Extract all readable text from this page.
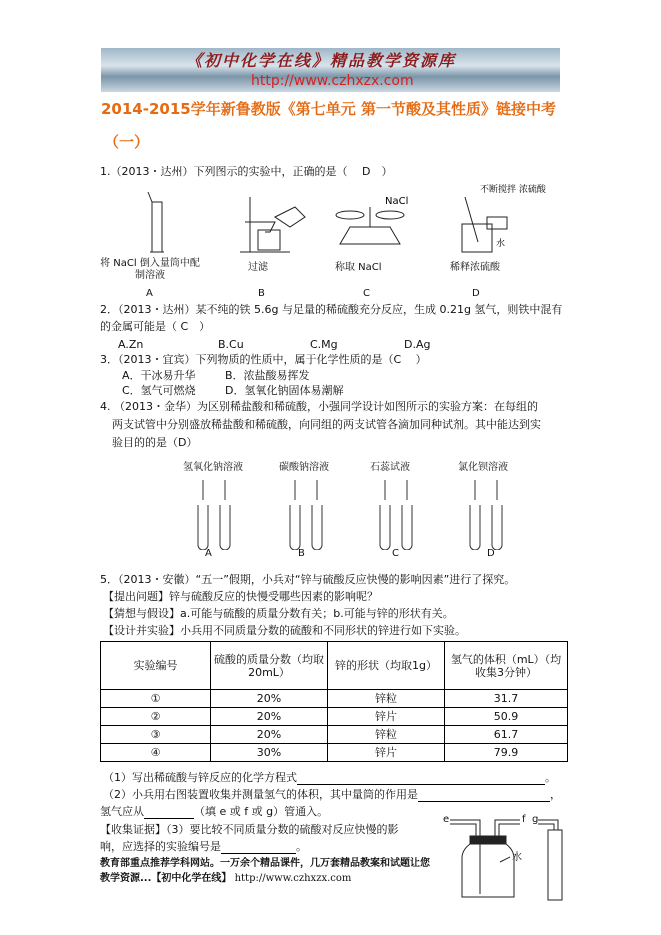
《初中化学在线》精品教学资源库
http://www.czhxzx.com
2014-2015学年新鲁教版《第七单元 第一节酸及其性质》链接中考
（一）
1.（2013・达州）下列图示的实验中，正确的是（　 D　）
NaCl
不断搅拌 浓硫酸
水
将 NaCl 倒入量筒中配制溶液
过滤	称取 NaCl	稀释浓硫酸
A	B	C	D
2．（2013・达州）某不纯的铁 5.6g 与足量的稀硫酸充分反应，生成 0.21g 氢气，则铁中混有
的金属可能是（ C　）
A.Zn	B.Cu	C.Mg	D.Ag
3．（2013・宜宾）下列物质的性质中，属于化学性质的是（C　 ）
A．干冰易升华	B．浓盐酸易挥发
C．氢气可燃烧	D．氢氧化钠固体易潮解
4. （2013・金华）为区别稀盐酸和稀硫酸，小强同学设计如图所示的实验方案：在每组的
两支试管中分别盛放稀盐酸和稀硫酸，向同组的两支试管各滴加同种试剂。其中能达到实
验目的的是（D）
氢氧化钠溶液	碳酸钠溶液	石蕊试液	氯化钡溶液
A	B	C	D
5．（2013・安徽）“五一”假期，小兵对“锌与硫酸反应快慢的影响因素”进行了探究。
【提出问题】锌与硫酸反应的快慢受哪些因素的影响呢？
【猜想与假设】a.可能与硫酸的质量分数有关；b.可能与锌的形状有关。
【设计并实验】小兵用不同质量分数的硫酸和不同形状的锌进行如下实验。
实验编号	硫酸的质量分数（均取20mL）	锌的形状（均取1g）	氢气的体积（mL）（均收集3分钟）
①	20%	锌粒	31.7
②	20%	锌片	50.9
③	20%	锌粒	61.7
④	30%	锌片	79.9
（1）写出稀硫酸与锌反应的化学方程式	。
（2）小兵用右图装置收集并测量氢气的体积，其中量筒的作用是	，
氢气应从	（填 e 或 f 或 g）管通入。
【收集证据】（3）要比较不同质量分数的硫酸对反应快慢的影
响，应选择的实验编号是	。
教育部重点推荐学科网站。一万余个精品课件，几万套精品教案和试题让您
教学资源...【初中化学在线】 http://www.czhxzx.com
e	f g
水
